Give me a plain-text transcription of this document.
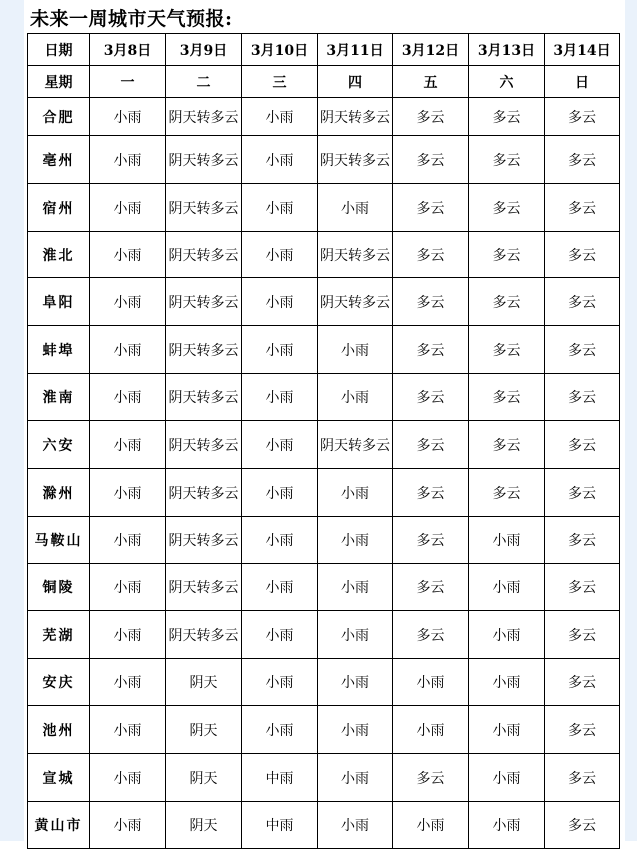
未来一周城市天气预报:
日期	3月8日	3月9日	3月10日	3月11日	3月12日	3月13日	3月14日
星期	一	二	三	四	五	六	日
合肥	小雨	阴天转多云	小雨	阴天转多云	多云	多云	多云
亳州	小雨	阴天转多云	小雨	阴天转多云	多云	多云	多云
宿州	小雨	阴天转多云	小雨	小雨	多云	多云	多云
淮北	小雨	阴天转多云	小雨	阴天转多云	多云	多云	多云
阜阳	小雨	阴天转多云	小雨	阴天转多云	多云	多云	多云
蚌埠	小雨	阴天转多云	小雨	小雨	多云	多云	多云
淮南	小雨	阴天转多云	小雨	小雨	多云	多云	多云
六安	小雨	阴天转多云	小雨	阴天转多云	多云	多云	多云
滁州	小雨	阴天转多云	小雨	小雨	多云	多云	多云
马鞍山	小雨	阴天转多云	小雨	小雨	多云	小雨	多云
铜陵	小雨	阴天转多云	小雨	小雨	多云	小雨	多云
芜湖	小雨	阴天转多云	小雨	小雨	多云	小雨	多云
安庆	小雨	阴天	小雨	小雨	小雨	小雨	多云
池州	小雨	阴天	小雨	小雨	小雨	小雨	多云
宣城	小雨	阴天	中雨	小雨	多云	小雨	多云
黄山市	小雨	阴天	中雨	小雨	小雨	小雨	多云
